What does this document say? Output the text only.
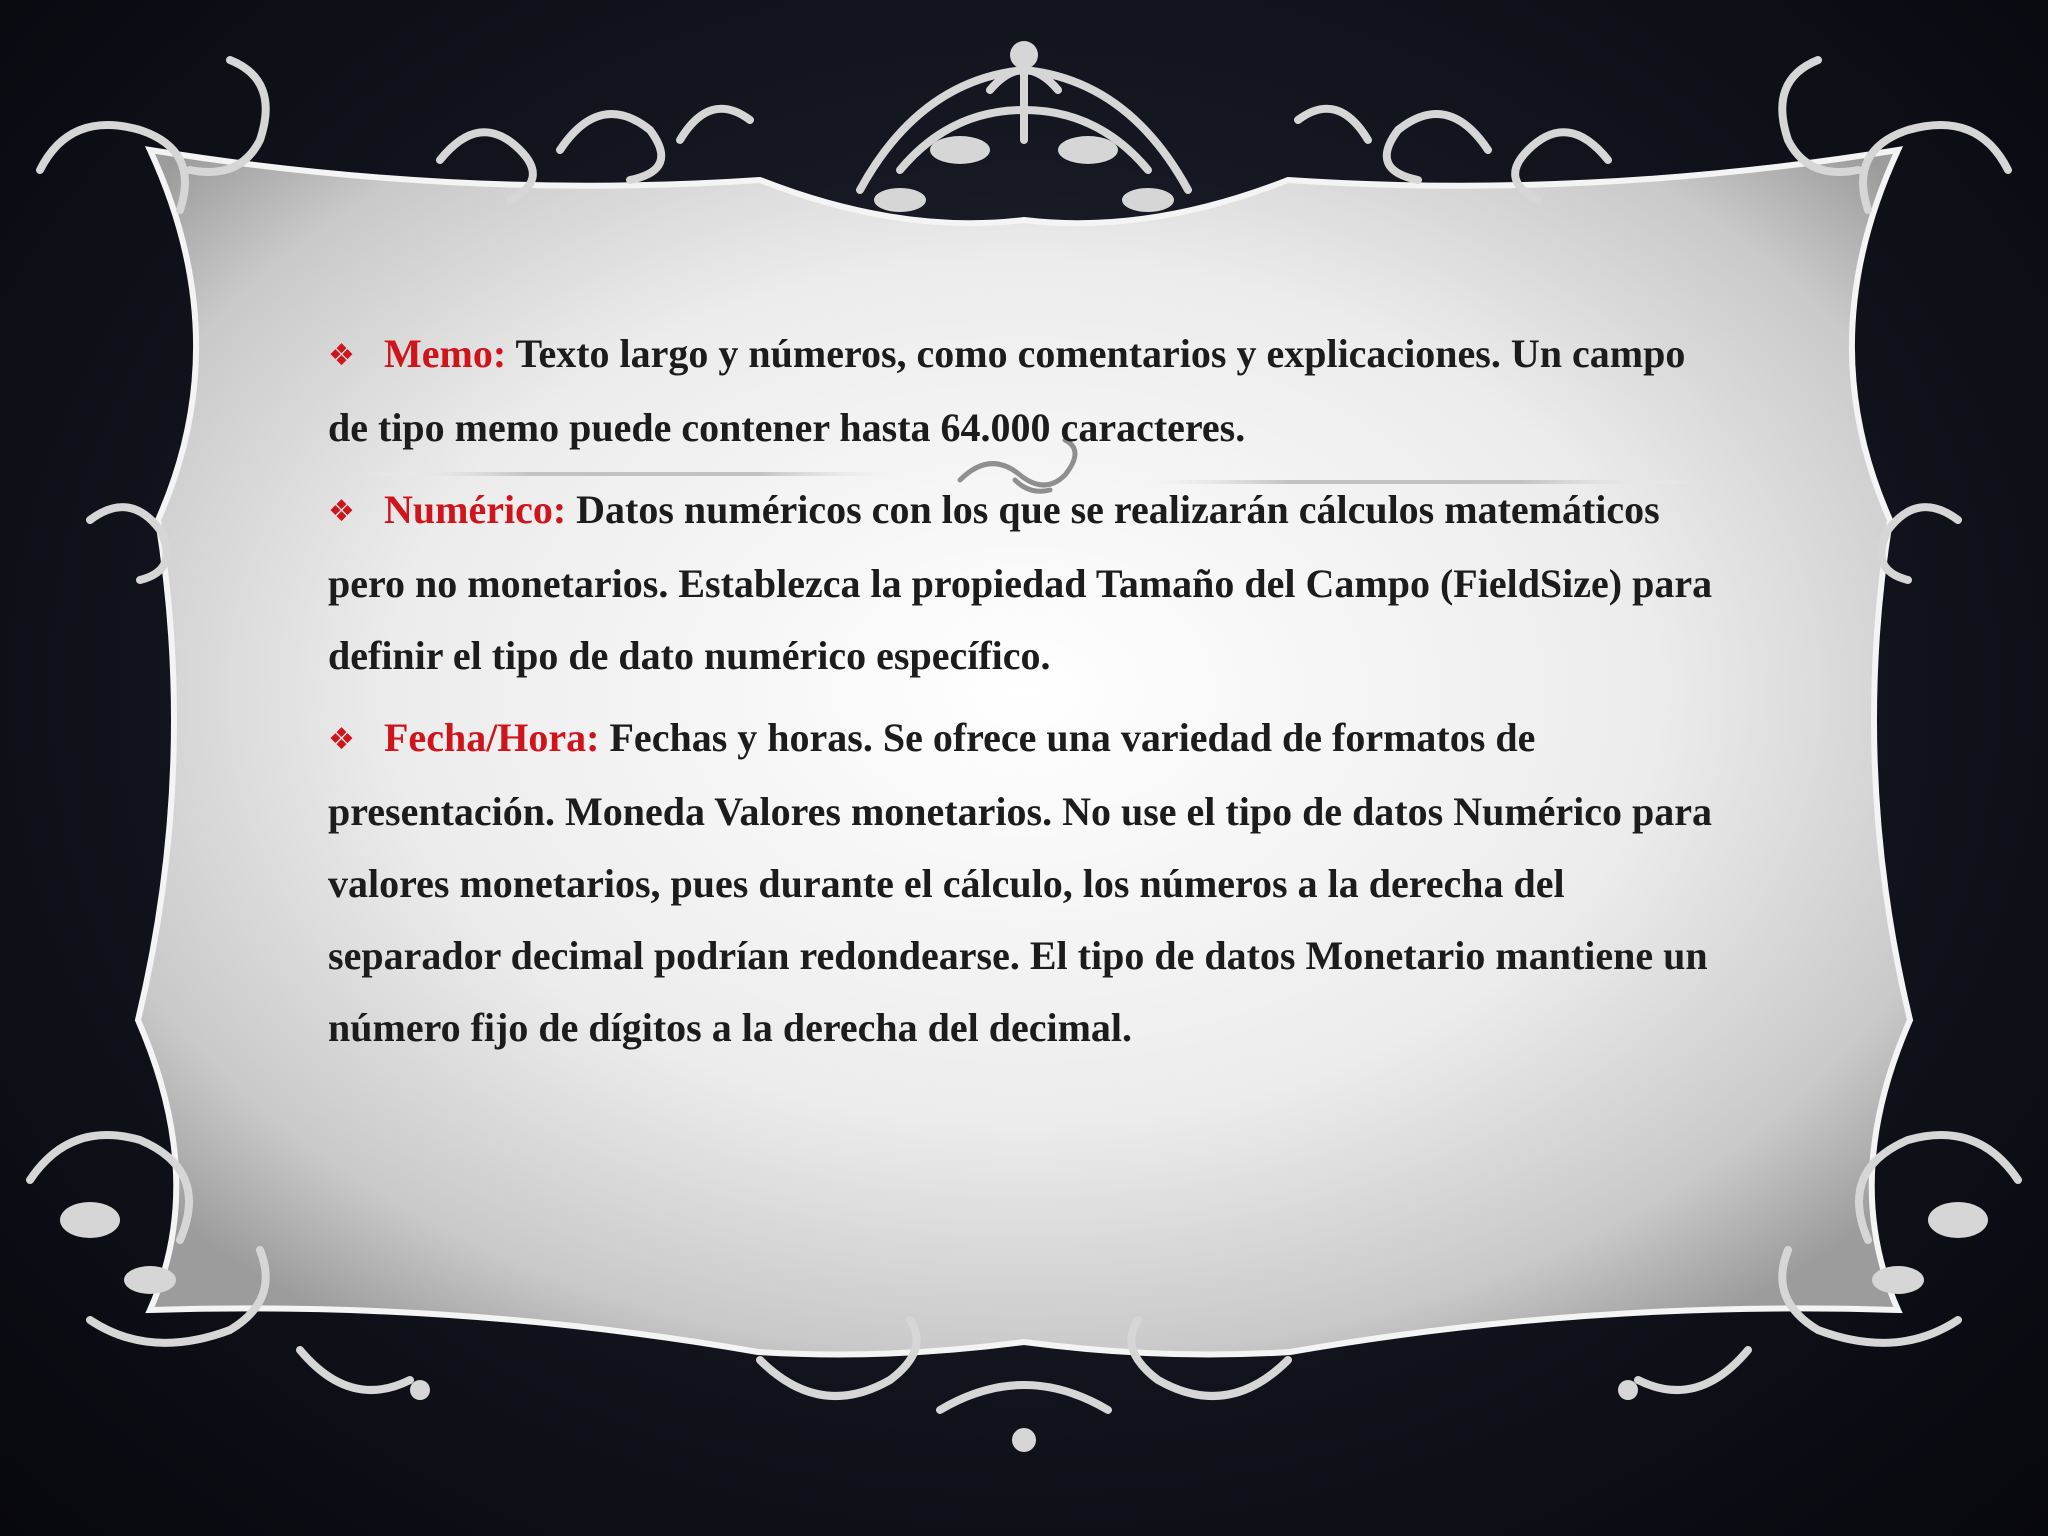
❖ Memo: Texto largo y números, como comentarios y explicaciones. Un campo de tipo memo puede contener hasta 64.000 caracteres.

❖ Numérico: Datos numéricos con los que se realizarán cálculos matemáticos pero no monetarios. Establezca la propiedad Tamaño del Campo (FieldSize) para definir el tipo de dato numérico específico.

❖ Fecha/Hora: Fechas y horas. Se ofrece una variedad de formatos de presentación. Moneda Valores monetarios. No use el tipo de datos Numérico para valores monetarios, pues durante el cálculo, los números a la derecha del separador decimal podrían redondearse. El tipo de datos Monetario mantiene un número fijo de dígitos a la derecha del decimal.
